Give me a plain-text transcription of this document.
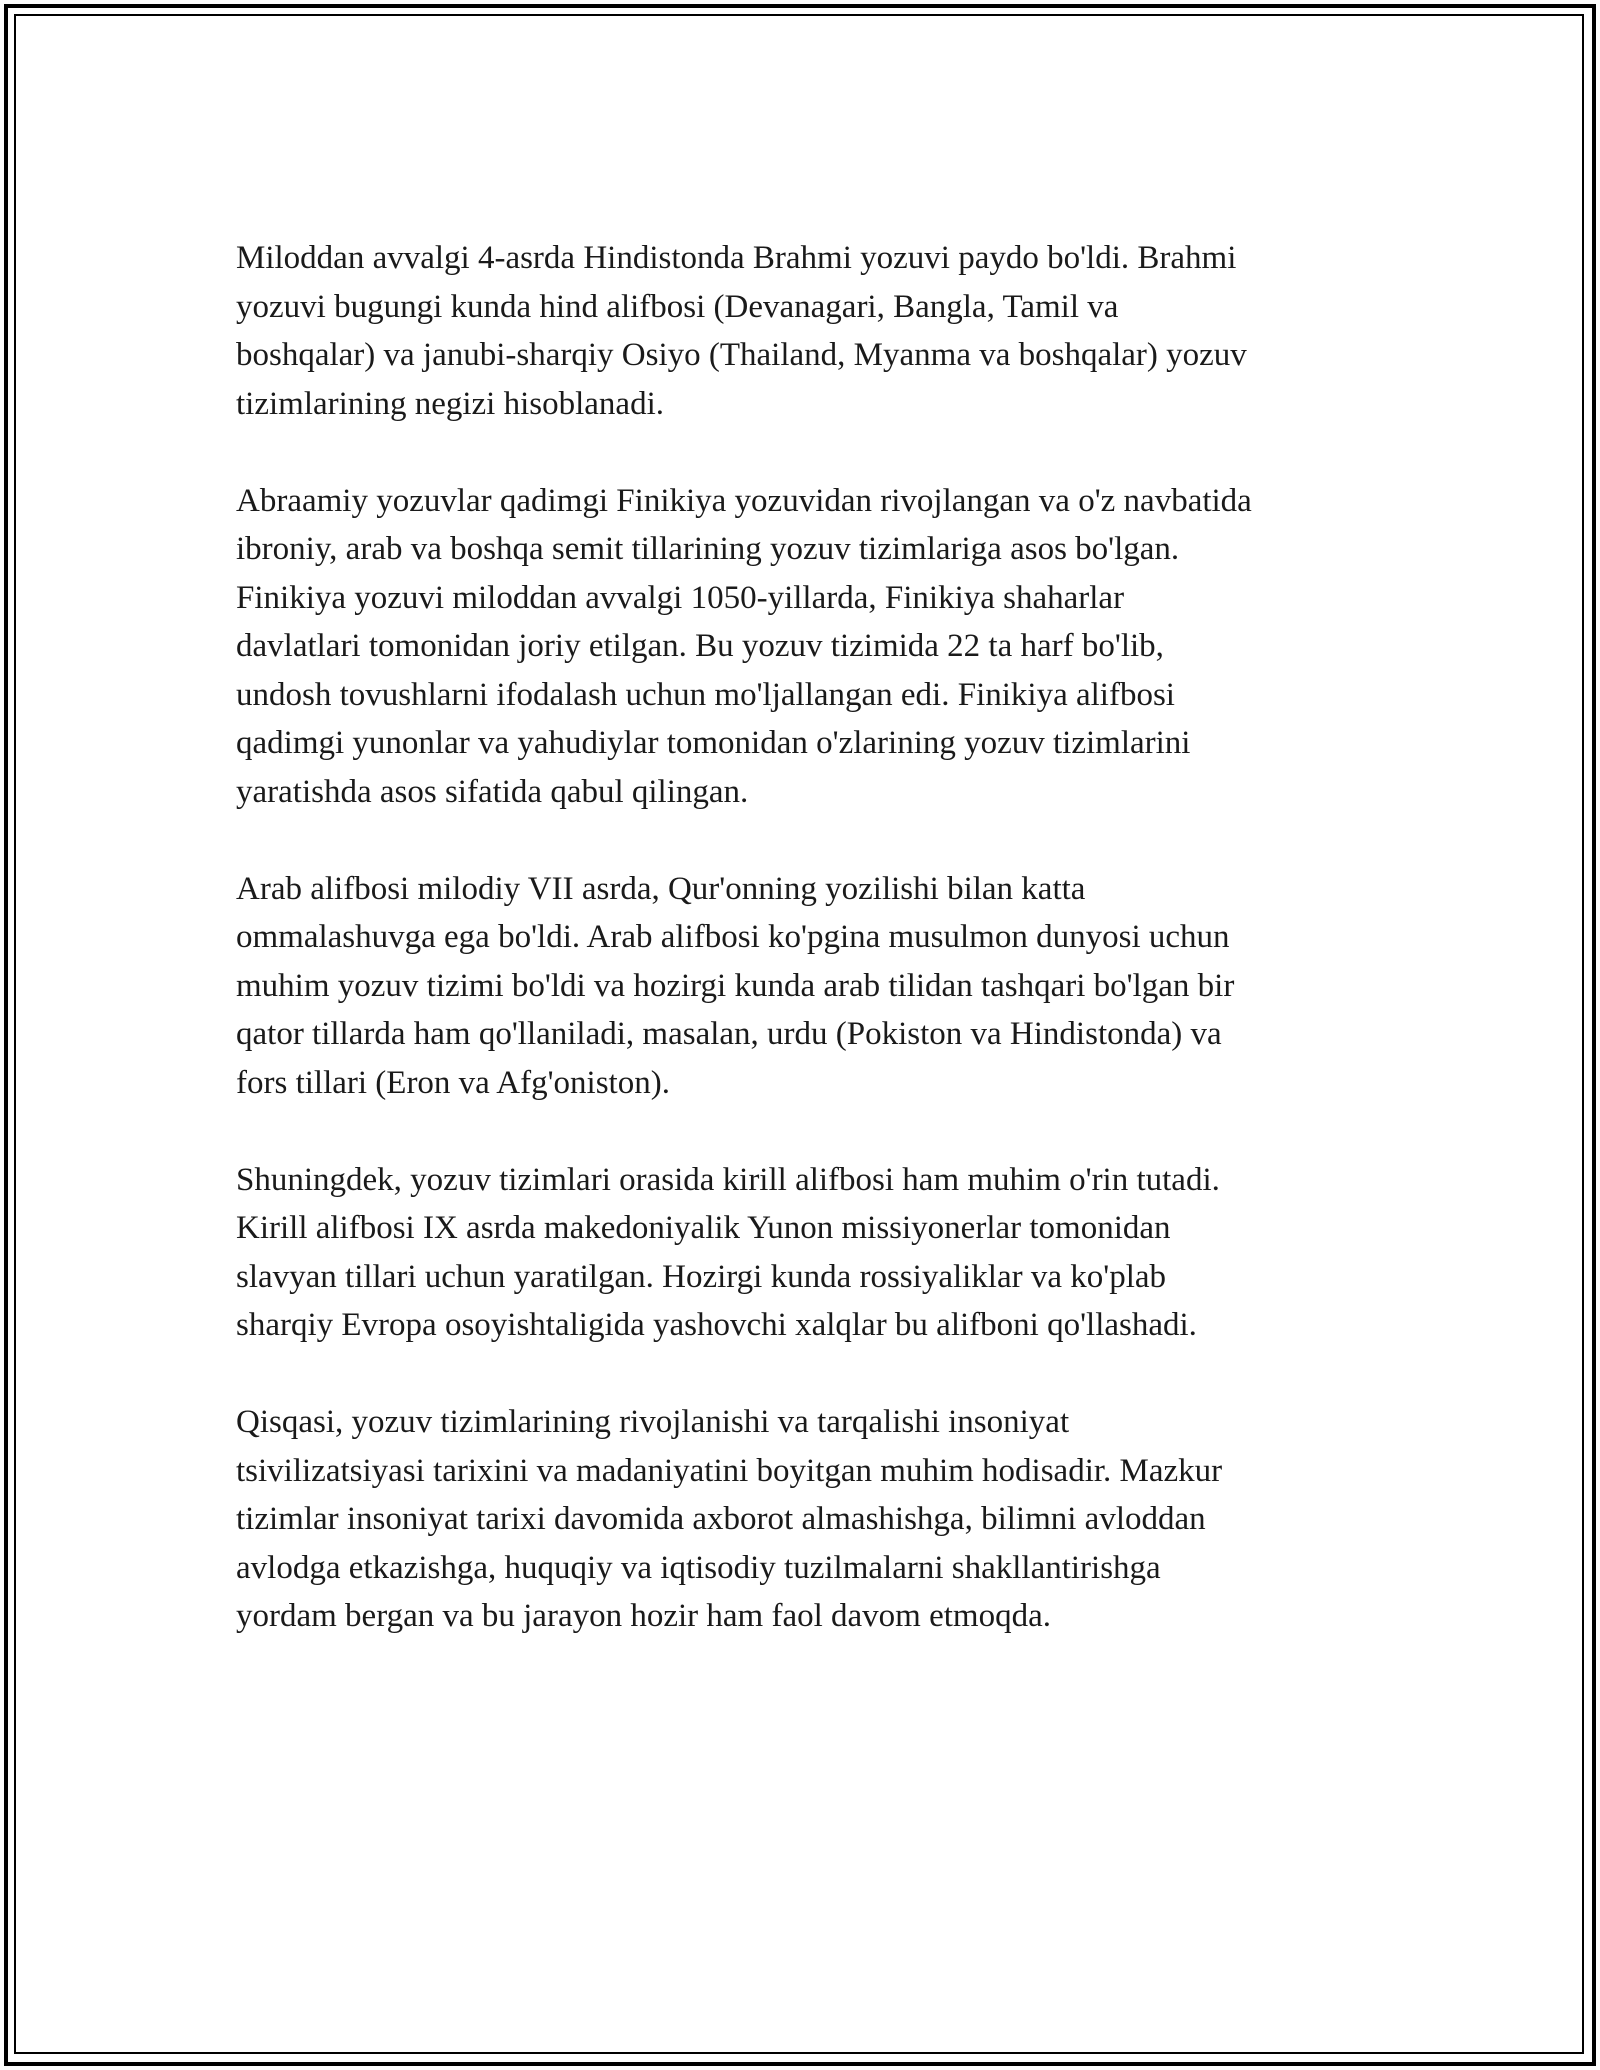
Miloddan avvalgi 4-asrda Hindistonda Brahmi yozuvi paydo bo'ldi. Brahmi
yozuvi bugungi kunda hind alifbosi (Devanagari, Bangla, Tamil va
boshqalar) va janubi-sharqiy Osiyo (Thailand, Myanma va boshqalar) yozuv
tizimlarining negizi hisoblanadi.

Abraamiy yozuvlar qadimgi Finikiya yozuvidan rivojlangan va o'z navbatida
ibroniy, arab va boshqa semit tillarining yozuv tizimlariga asos bo'lgan.
Finikiya yozuvi miloddan avvalgi 1050-yillarda, Finikiya shaharlar
davlatlari tomonidan joriy etilgan. Bu yozuv tizimida 22 ta harf bo'lib,
undosh tovushlarni ifodalash uchun mo'ljallangan edi. Finikiya alifbosi
qadimgi yunonlar va yahudiylar tomonidan o'zlarining yozuv tizimlarini
yaratishda asos sifatida qabul qilingan.

Arab alifbosi milodiy VII asrda, Qur'onning yozilishi bilan katta
ommalashuvga ega bo'ldi. Arab alifbosi ko'pgina musulmon dunyosi uchun
muhim yozuv tizimi bo'ldi va hozirgi kunda arab tilidan tashqari bo'lgan bir
qator tillarda ham qo'llaniladi, masalan, urdu (Pokiston va Hindistonda) va
fors tillari (Eron va Afg'oniston).

Shuningdek, yozuv tizimlari orasida kirill alifbosi ham muhim o'rin tutadi.
Kirill alifbosi IX asrda makedoniyalik Yunon missiyonerlar tomonidan
slavyan tillari uchun yaratilgan. Hozirgi kunda rossiyaliklar va ko'plab
sharqiy Evropa osoyishtaligida yashovchi xalqlar bu alifboni qo'llashadi.

Qisqasi, yozuv tizimlarining rivojlanishi va tarqalishi insoniyat
tsivilizatsiyasi tarixini va madaniyatini boyitgan muhim hodisadir. Mazkur
tizimlar insoniyat tarixi davomida axborot almashishga, bilimni avloddan
avlodga etkazishga, huquqiy va iqtisodiy tuzilmalarni shakllantirishga
yordam bergan va bu jarayon hozir ham faol davom etmoqda.
